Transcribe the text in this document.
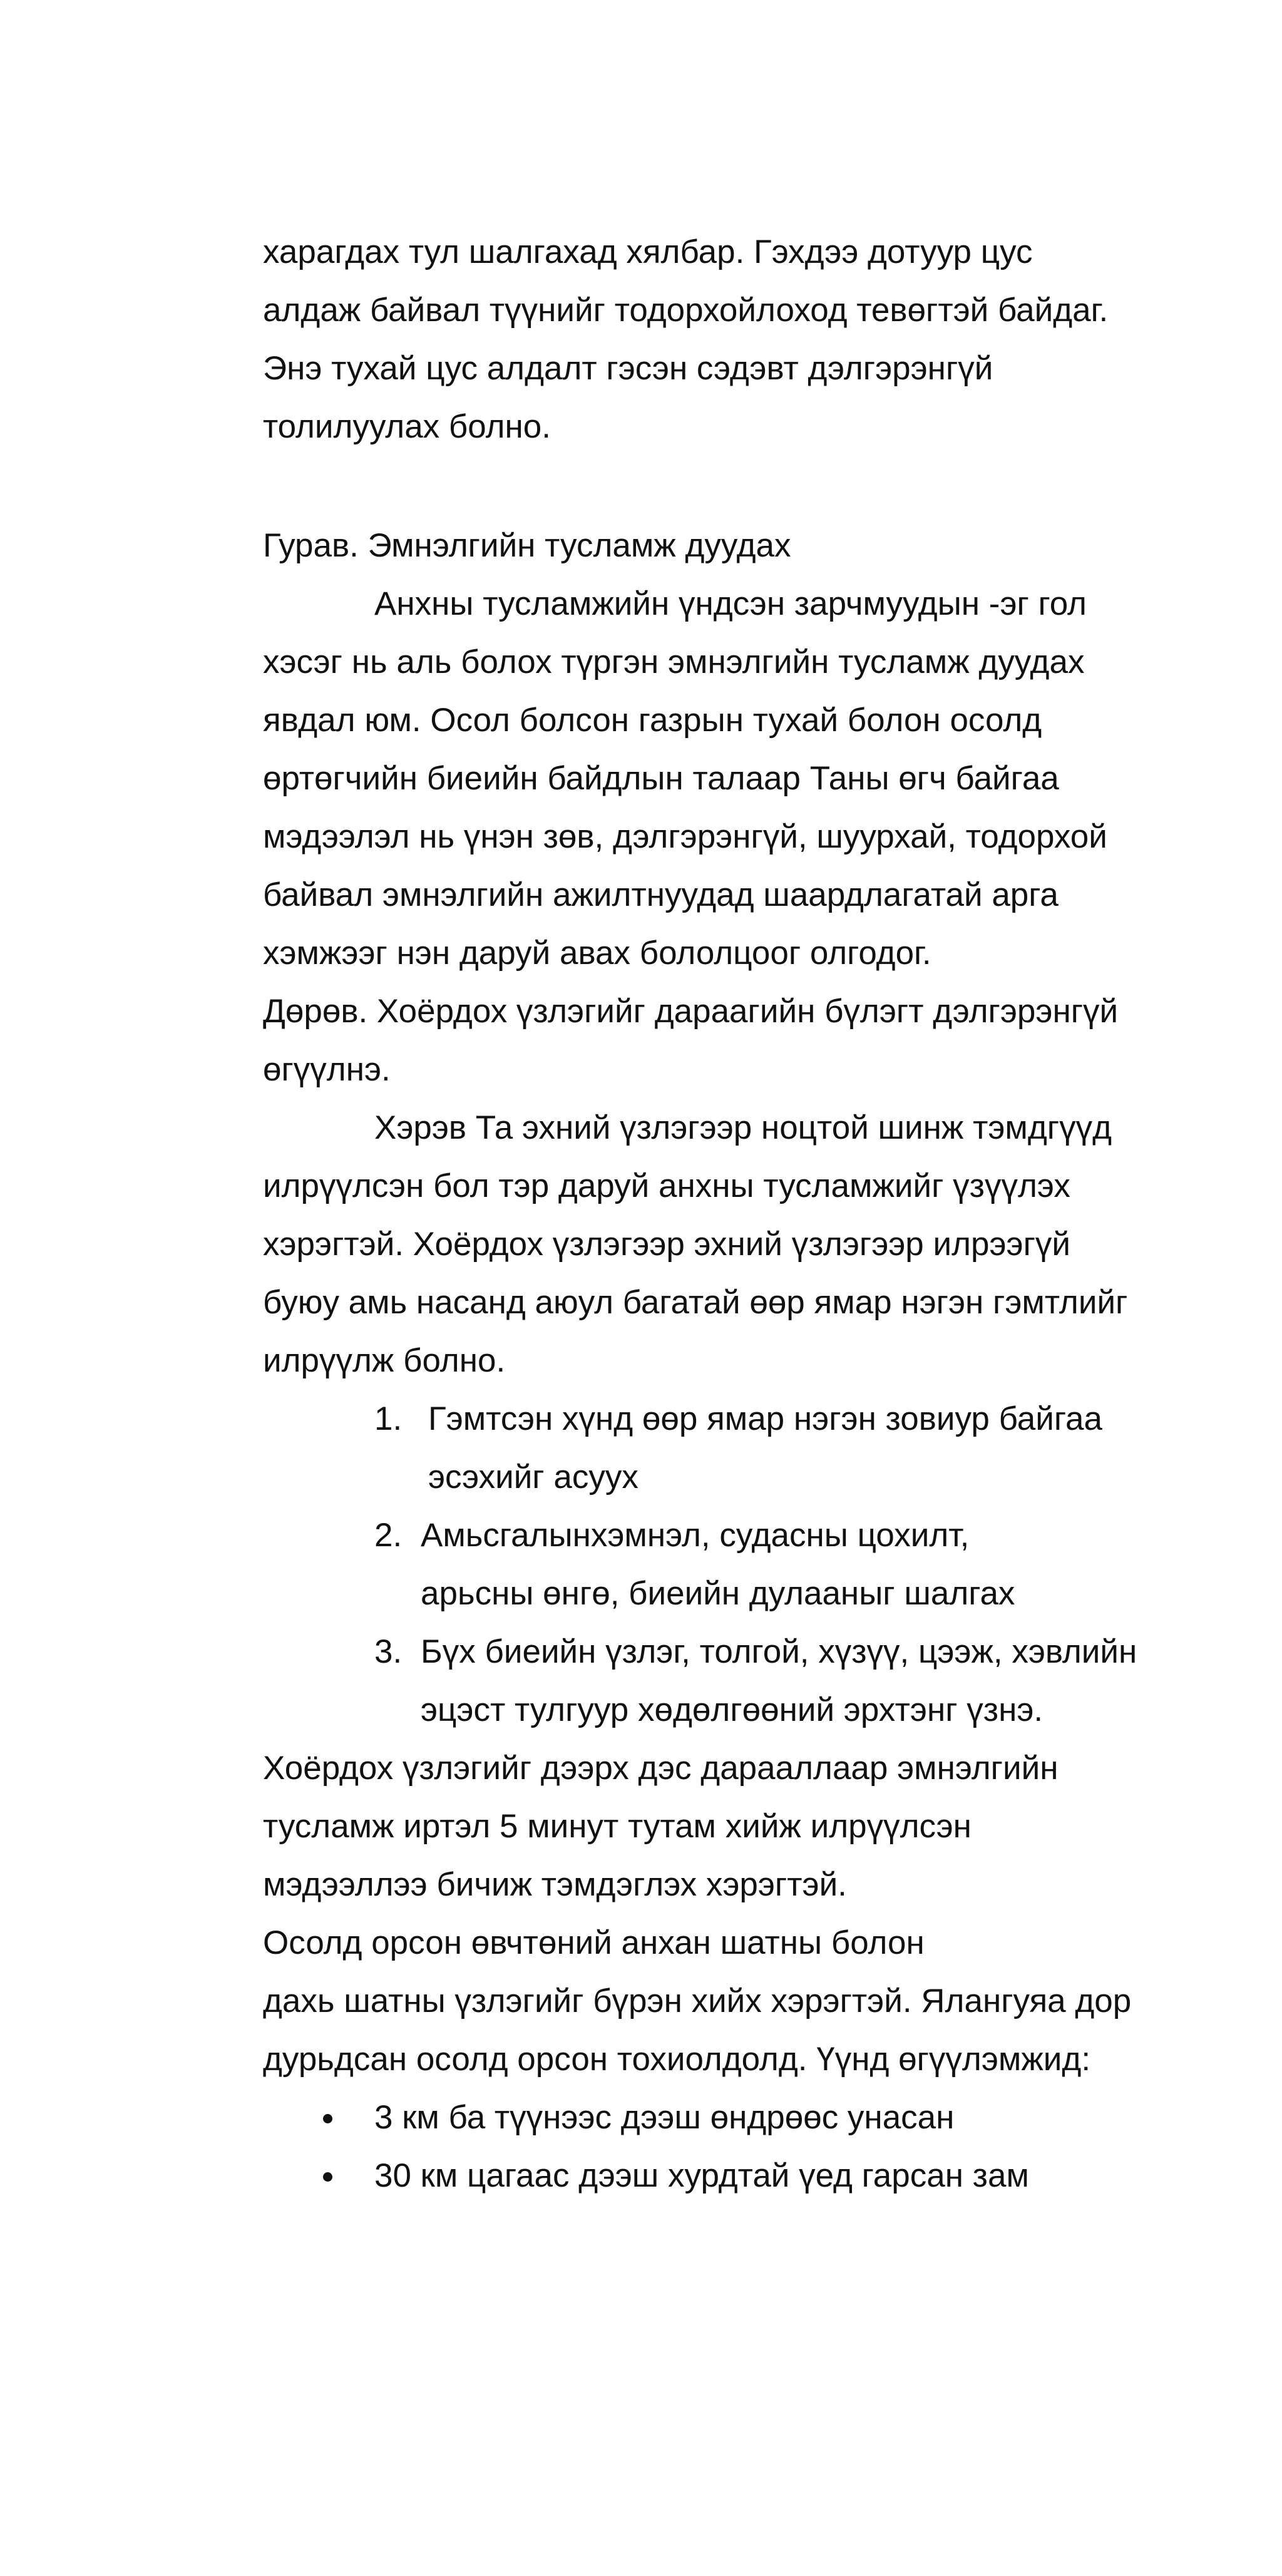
харагдах тул шалгахад хялбар. Гэхдээ дотуур цус
алдаж байвал түүнийг тодорхойлоход тевөгтэй байдаг.
Энэ тухай цус алдалт гэсэн сэдэвт дэлгэрэнгүй
толилуулах болно.
Гурав. Эмнэлгийн тусламж дуудах
Анхны тусламжийн үндсэн зарчмуудын -эг гол
хэсэг нь аль болох түргэн эмнэлгийн тусламж дуудах
явдал юм. Осол болсон газрын тухай болон осолд
өртөгчийн биеийн байдлын талаар Таны өгч байгаа
мэдээлэл нь үнэн зөв, дэлгэрэнгүй, шуурхай, тодорхой
байвал эмнэлгийн ажилтнуудад шаардлагатай арга
хэмжээг нэн даруй авах бололцоог олгодог.
Дөрөв. Хоёрдох үзлэгийг дараагийн бүлэгт дэлгэрэнгүй
өгүүлнэ.
Хэрэв Та эхний үзлэгээр ноцтой шинж тэмдгүүд
илрүүлсэн бол тэр даруй анхны тусламжийг үзүүлэх
хэрэгтэй. Хоёрдох үзлэгээр эхний үзлэгээр илрээгүй
буюу амь насанд аюул багатай өөр ямар нэгэн гэмтлийг
илрүүлж болно.
1. Гэмтсэн хүнд өөр ямар нэгэн зовиур байгаа
эсэхийг асуух
2. Амьсгалынхэмнэл, судасны цохилт,
арьсны өнгө, биеийн дулааныг шалгах
3. Бүх биеийн үзлэг, толгой, хүзүү, цээж, хэвлийн
эцэст тулгуур хөдөлгөөний эрхтэнг үзнэ.
Хоёрдох үзлэгийг дээрх дэс дарааллаар эмнэлгийн
тусламж иртэл 5 минут тутам хийж илрүүлсэн
мэдээллээ бичиж тэмдэглэх хэрэгтэй.
Осолд орсон өвчтөний анхан шатны болон
дахь шатны үзлэгийг бүрэн хийх хэрэгтэй. Ялангуяа дор
дурьдсан осолд орсон тохиолдолд. Үүнд өгүүлэмжид:
3 км ба түүнээс дээш өндрөөс унасан
30 км цагаас дээш хурдтай үед гарсан зам
